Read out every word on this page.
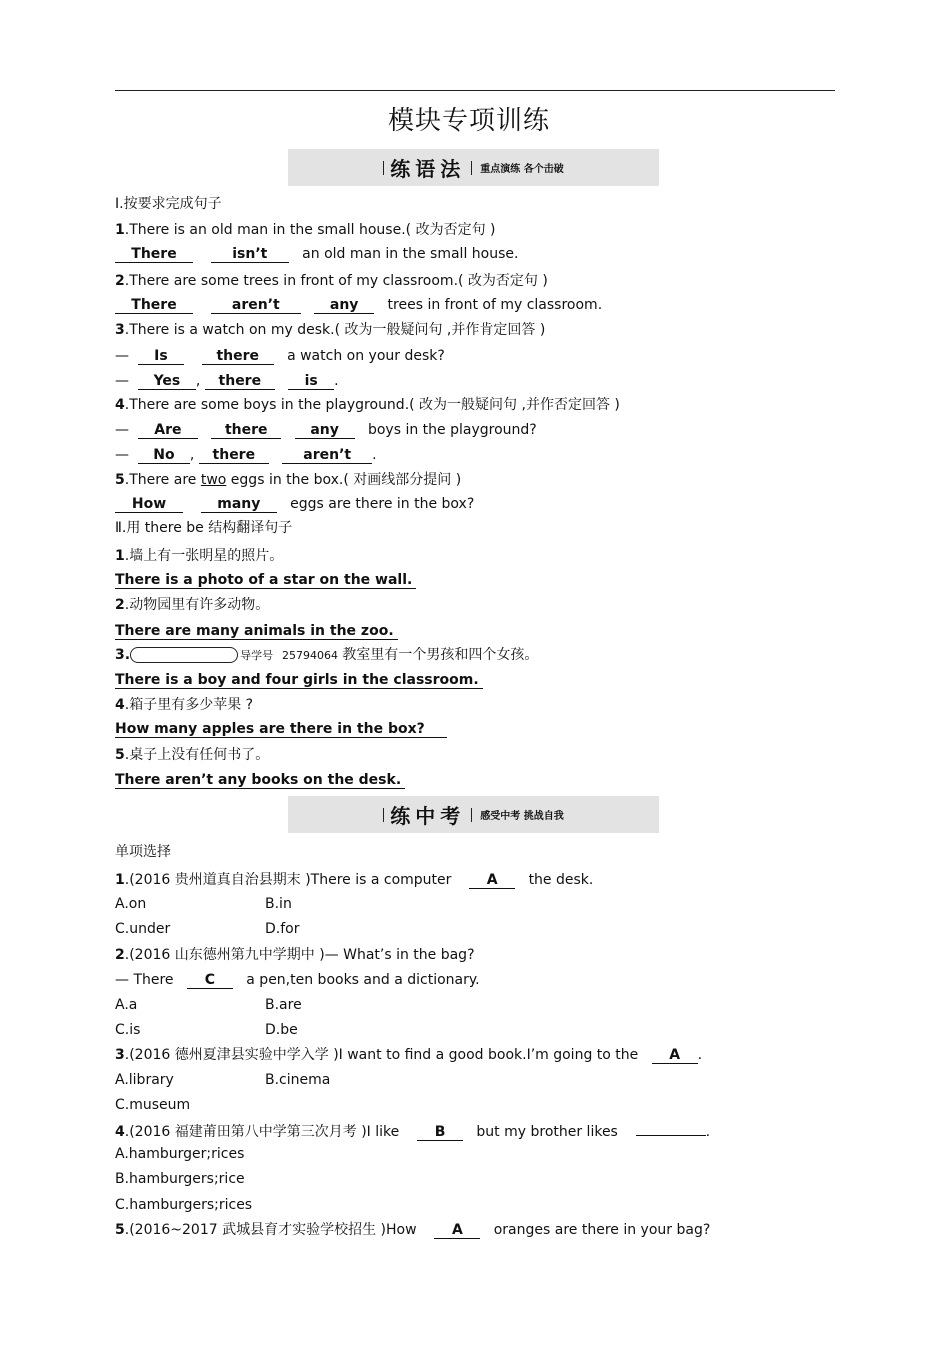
模块专项训练
练语法 重点演练 各个击破
Ⅰ.按要求完成句子
1.There is an old man in the small house.( 改为否定句 )
There	isn’t an old man in the small house.
2.There are some trees in front of my classroom.( 改为否定句 )
There	aren’t	any trees in front of my classroom.
3.There is a watch on my desk.( 改为一般疑问句 ,并作肯定回答 )
— Is	there a watch on your desk?
— Yes , there	is .
4.There are some boys in the playground.( 改为一般疑问句 ,并作否定回答 )
— Are	there	any boys in the playground?
— No , there	aren’t .
5.There are two eggs in the box.( 对画线部分提问 )
How	many eggs are there in the box?
Ⅱ.用 there be 结构翻译句子
1.墙上有一张明星的照片。
There is a photo of a star on the wall.
2.动物园里有许多动物。
There are many animals in the zoo.
3.	导学号 25794064 教室里有一个男孩和四个女孩。
There is a boy and four girls in the classroom.
4.箱子里有多少苹果 ?
How many apples are there in the box?
5.桌子上没有任何书了。
There aren’t any books on the desk.
练中考 感受中考 挑战自我
单项选择
1.(2016 贵州道真自治县期末 )There is a computer	A the desk.
A.on	B.in
C.under	D.for
2.(2016 山东德州第九中学期中 )— What’s in the bag?
— There C a pen,ten books and a dictionary.
A.a	B.are
C.is	D.be
3.(2016 德州夏津县实验中学入学 )I want to find a good book.I’m going to the A .
A.library	B.cinema
C.museum
4.(2016 福建莆田第八中学第三次月考 )I like	B but my brother likes	.
A.hamburger;rices
B.hamburgers;rice
C.hamburgers;rices
5.(2016~2017 武城县育才实验学校招生 )How	A oranges are there in your bag?
